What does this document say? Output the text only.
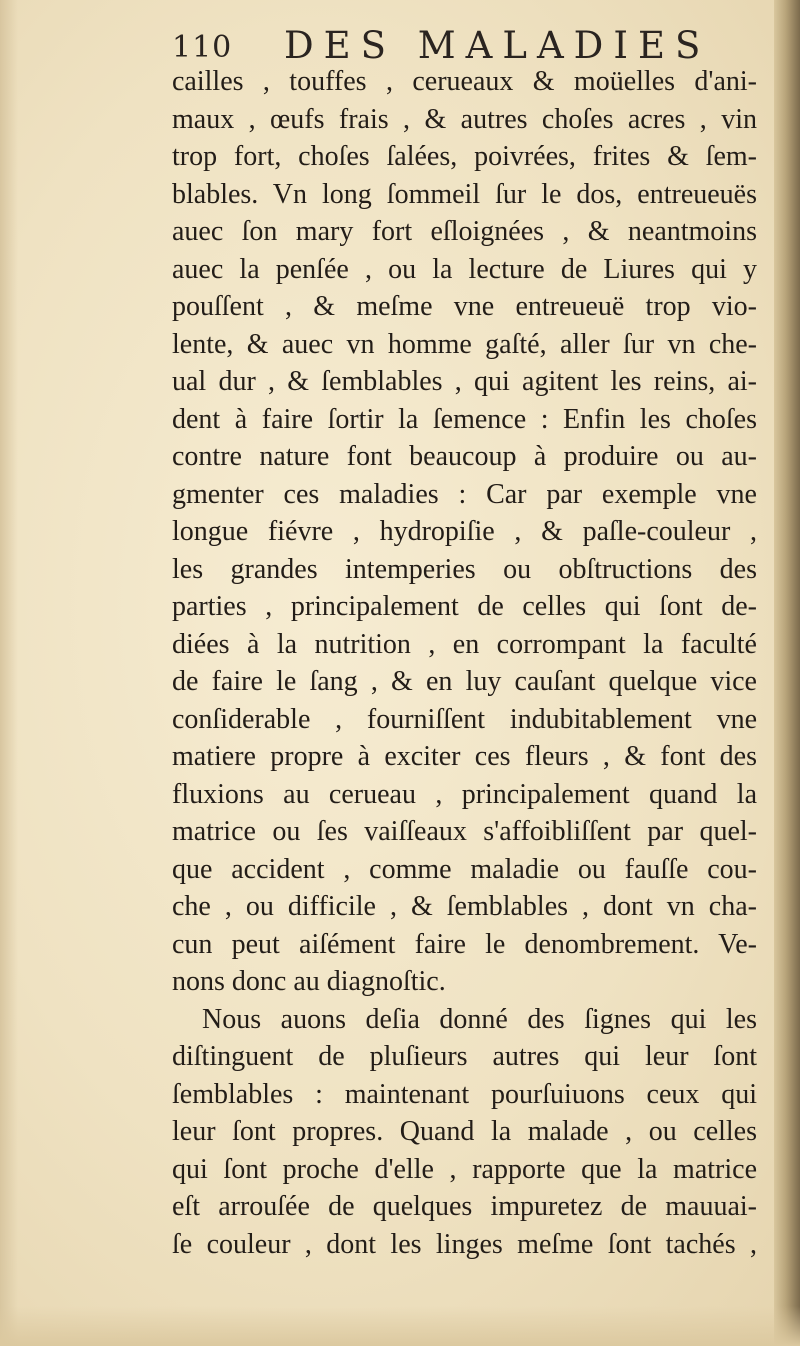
110 DES MALADIES
cailles , touffes , cerueaux & moüelles d'ani-
maux , œufs frais , & autres choſes acres , vin
trop fort, choſes ſalées, poivrées, frites & ſem-
blables. Vn long ſommeil ſur le dos, entreueuës
auec ſon mary fort eſloignées , & neantmoins
auec la penſée , ou la lecture de Liures qui y
pouſſent , & meſme vne entreueuë trop vio-
lente, & auec vn homme gaſté, aller ſur vn che-
ual dur , & ſemblables , qui agitent les reins, ai-
dent à faire ſortir la ſemence : Enfin les choſes
contre nature font beaucoup à produire ou au-
gmenter ces maladies : Car par exemple vne
longue fiévre , hydropiſie , & paſle-couleur ,
les grandes intemperies ou obſtructions des
parties , principalement de celles qui ſont de-
diées à la nutrition , en corrompant la faculté
de faire le ſang , & en luy cauſant quelque vice
conſiderable , fourniſſent indubitablement vne
matiere propre à exciter ces fleurs , & font des
fluxions au cerueau , principalement quand la
matrice ou ſes vaiſſeaux s'affoibliſſent par quel-
que accident , comme maladie ou fauſſe cou-
che , ou difficile , & ſemblables , dont vn cha-
cun peut aiſément faire le denombrement. Ve-
nons donc au diagnoſtic.
Nous auons deſia donné des ſignes qui les
diſtinguent de pluſieurs autres qui leur ſont
ſemblables : maintenant pourſuiuons ceux qui
leur ſont propres. Quand la malade , ou celles
qui ſont proche d'elle , rapporte que la matrice
eſt arrouſée de quelques impuretez de mauuai-
ſe couleur , dont les linges meſme ſont tachés ,
